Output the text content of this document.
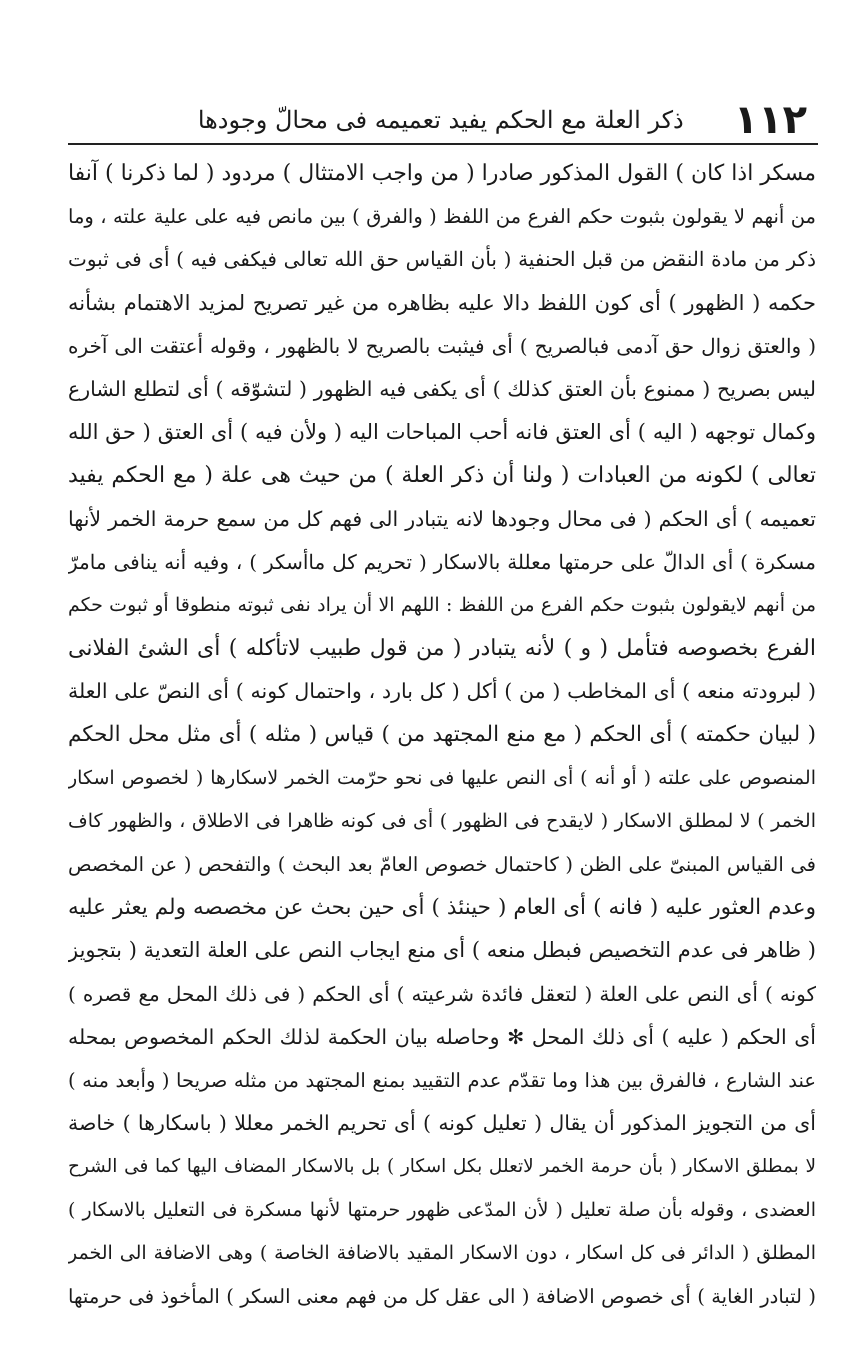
١١٢
ذكر العلة مع الحكم يفيد تعميمه فى محالّ وجودها
مسكر اذا كان ) القول المذكور صادرا ( من واجب الامتثال ) مردود ( لما ذكرنا ) آنفا
من أنهم لا يقولون بثبوت حكم الفرع من اللفظ ( والفرق ) بين مانص فيه على علية علته ، وما
ذكر من مادة النقض من قبل الحنفية ( بأن القياس حق الله تعالى فيكفى فيه ) أى فى ثبوت
حكمه ( الظهور ) أى كون اللفظ دالا عليه بظاهره من غير تصريح لمزيد الاهتمام بشأنه
( والعتق زوال حق آدمى فبالصريح ) أى فيثبت بالصريح لا بالظهور ، وقوله أعتقت الى آخره
ليس بصريح ( ممنوع بأن العتق كذلك ) أى يكفى فيه الظهور ( لتشوّقه ) أى لتطلع الشارع
وكمال توجهه ( اليه ) أى العتق فانه أحب المباحات اليه ( ولأن فيه ) أى العتق ( حق الله
تعالى ) لكونه من العبادات ( ولنا أن ذكر العلة ) من حيث هى علة ( مع الحكم يفيد
تعميمه ) أى الحكم ( فى محال وجودها لانه يتبادر الى فهم كل من سمع حرمة الخمر لأنها
مسكرة ) أى الدالّ على حرمتها معللة بالاسكار ( تحريم كل ماأسكر ) ، وفيه أنه ينافى مامرّ
من أنهم لايقولون بثبوت حكم الفرع من اللفظ : اللهم الا أن يراد نفى ثبوته منطوقا أو ثبوت حكم
الفرع بخصوصه فتأمل ( و ) لأنه يتبادر ( من قول طبيب لاتأكله ) أى الشئ الفلانى
( لبرودته منعه ) أى المخاطب ( من ) أكل ( كل بارد ، واحتمال كونه ) أى النصّ على العلة
( لبيان حكمته ) أى الحكم ( مع منع المجتهد من ) قياس ( مثله ) أى مثل محل الحكم
المنصوص على علته ( أو أنه ) أى النص عليها فى نحو حرّمت الخمر لاسكارها ( لخصوص اسكار
الخمر ) لا لمطلق الاسكار ( لايقدح فى الظهور ) أى فى كونه ظاهرا فى الاطلاق ، والظهور كاف
فى القياس المبنىّ على الظن ( كاحتمال خصوص العامّ بعد البحث ) والتفحص ( عن المخصص
وعدم العثور عليه ( فانه ) أى العام ( حينئذ ) أى حين بحث عن مخصصه ولم يعثر عليه
( ظاهر فى عدم التخصيص فبطل منعه ) أى منع ايجاب النص على العلة التعدية ( بتجويز
كونه ) أى النص على العلة ( لتعقل فائدة شرعيته ) أى الحكم ( فى ذلك المحل مع قصره )
أى الحكم ( عليه ) أى ذلك المحل ✻ وحاصله بيان الحكمة لذلك الحكم المخصوص بمحله
عند الشارع ، فالفرق بين هذا وما تقدّم عدم التقييد بمنع المجتهد من مثله صريحا ( وأبعد منه )
أى من التجويز المذكور أن يقال ( تعليل كونه ) أى تحريم الخمر معللا ( باسكارها ) خاصة
لا بمطلق الاسكار ( بأن حرمة الخمر لاتعلل بكل اسكار ) بل بالاسكار المضاف اليها كما فى الشرح
العضدى ، وقوله بأن صلة تعليل ( لأن المدّعى ظهور حرمتها لأنها مسكرة فى التعليل بالاسكار )
المطلق ( الدائر فى كل اسكار ، دون الاسكار المقيد بالاضافة الخاصة ) وهى الاضافة الى الخمر
( لتبادر الغاية ) أى خصوص الاضافة ( الى عقل كل من فهم معنى السكر ) المأخوذ فى حرمتها
